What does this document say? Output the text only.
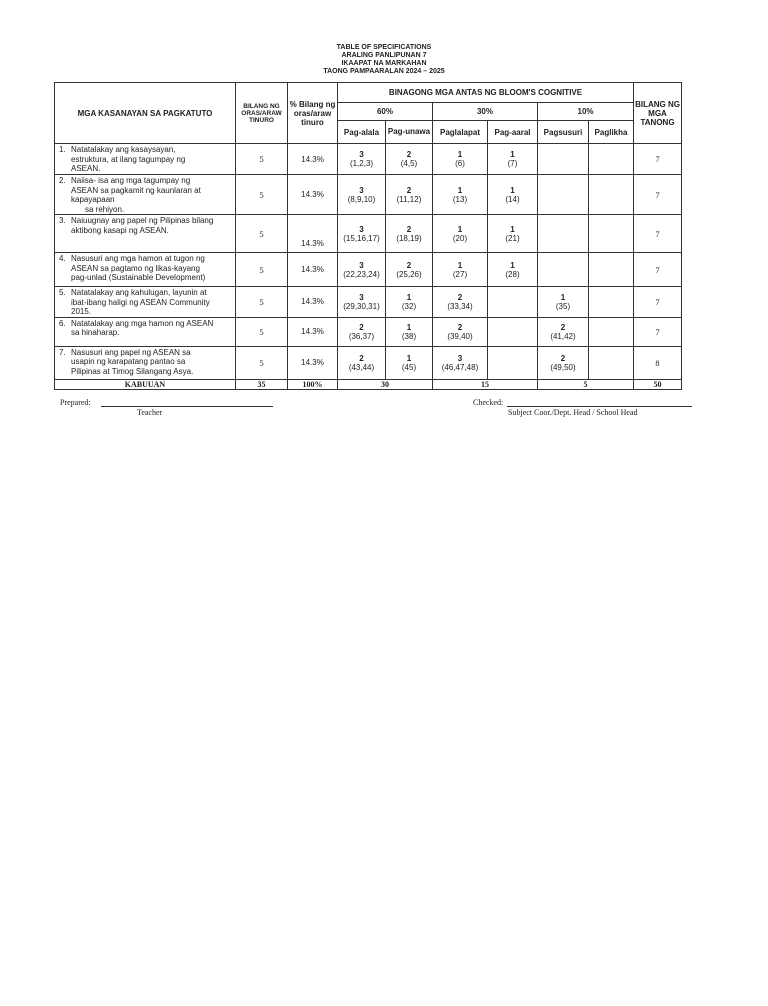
TABLE OF SPECIFICATIONS
ARALING PANLIPUNAN 7
IKAAPAT NA MARKAHAN
TAONG PAMPAARALAN 2024 – 2025
MGA KASANAYAN SA PAGKATUTO	BILANG NG ORAS/ARAW TINURO	% Bilang ng oras/araw tinuro	BINAGONG MGA ANTAS NG BLOOM'S COGNITIVE						BILANG NG MGA TANONG
			60%		30%		10%		
			Pag-alala	Pag-unawa	Paglalapat	Pag-aaral	Pagsusuri	Paglikha	

1. Natatalakay ang kasaysayan,
estruktura, at ilang tagumpay ng
ASEAN.	5	14.3%	3
(1,2,3)	2
(4,5)	1
(6)	1
(7)			7

2. Naiisa- isa ang mga tagumpay ng
ASEAN sa pagkamit ng kaunlaran at
kapayapaan
sa rehiyon.	5	14.3%	3
(8,9,10)	2
(11,12)	1
(13)	1
(14)			7

3. Naiuugnay ang papel ng Pilipinas bilang
aktibong kasapi ng ASEAN.	5	14.3%	3
(15,16,17)	2
(18,19)	1
(20)	1
(21)			7

4. Nasusuri ang mga hamon at tugon ng
ASEAN sa pagtamo ng likas-kayang
pag-unlad (Sustainable Development)	5	14.3%	3
(22,23,24)	2
(25,26)	1
(27)	1
(28)			7

5. Natatalakay ang kahulugan, layunin at
ibat-ibang haligi ng ASEAN Community
2015.	5	14.3%	3
(29,30,31)	1
(32)	2
(33,34)		1
(35)		7

6. Natatalakay ang mga hamon ng ASEAN
sa hinaharap.	5	14.3%	2
(36,37)	1
(38)	2
(39,40)		2
(41,42)		7

7. Nasusuri ang papel ng ASEAN sa
usapin ng karapatang pantao sa
Pilipinas at Timog Silangang Asya.	5	14.3%	2
(43,44)	1
(45)	3
(46,47,48)		2
(49,50)		8
KABUUAN	35	100%	30		15		5		50
Prepared:
Teacher
Checked:
Subject Coor./Dept. Head / School Head
